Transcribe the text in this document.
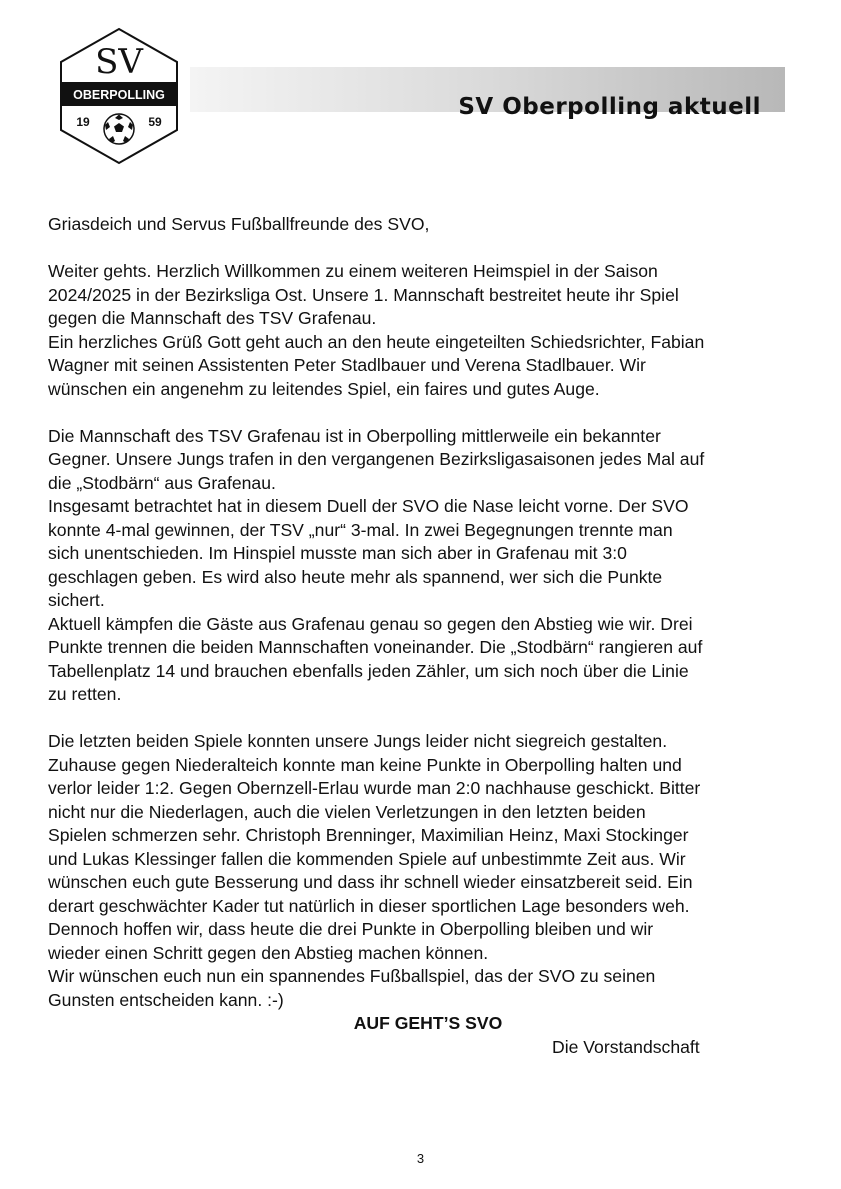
SV
OBERPOLLING
19	59
SV Oberpolling aktuell

Griasdeich und Servus Fußballfreunde des SVO,

Weiter gehts. Herzlich Willkommen zu einem weiteren Heimspiel in der Saison

2024/2025 in der Bezirksliga Ost. Unsere 1. Mannschaft bestreitet heute ihr Spiel

gegen die Mannschaft des TSV Grafenau.

Ein herzliches Grüß Gott geht auch an den heute eingeteilten Schiedsrichter, Fabian

Wagner mit seinen Assistenten Peter Stadlbauer und Verena Stadlbauer. Wir

wünschen ein angenehm zu leitendes Spiel, ein faires und gutes Auge.

Die Mannschaft des TSV Grafenau ist in Oberpolling mittlerweile ein bekannter

Gegner. Unsere Jungs trafen in den vergangenen Bezirksligasaisonen jedes Mal auf

die „Stodbärn“ aus Grafenau.

Insgesamt betrachtet hat in diesem Duell der SVO die Nase leicht vorne. Der SVO

konnte 4-mal gewinnen, der TSV „nur“ 3-mal. In zwei Begegnungen trennte man

sich unentschieden. Im Hinspiel musste man sich aber in Grafenau mit 3:0

geschlagen geben. Es wird also heute mehr als spannend, wer sich die Punkte

sichert.

Aktuell kämpfen die Gäste aus Grafenau genau so gegen den Abstieg wie wir. Drei

Punkte trennen die beiden Mannschaften voneinander. Die „Stodbärn“ rangieren auf

Tabellenplatz 14 und brauchen ebenfalls jeden Zähler, um sich noch über die Linie

zu retten.

Die letzten beiden Spiele konnten unsere Jungs leider nicht siegreich gestalten.

Zuhause gegen Niederalteich konnte man keine Punkte in Oberpolling halten und

verlor leider 1:2. Gegen Obernzell-Erlau wurde man 2:0 nachhause geschickt. Bitter

nicht nur die Niederlagen, auch die vielen Verletzungen in den letzten beiden

Spielen schmerzen sehr. Christoph Brenninger, Maximilian Heinz, Maxi Stockinger

und Lukas Klessinger fallen die kommenden Spiele auf unbestimmte Zeit aus. Wir

wünschen euch gute Besserung und dass ihr schnell wieder einsatzbereit seid. Ein

derart geschwächter Kader tut natürlich in dieser sportlichen Lage besonders weh.

Dennoch hoffen wir, dass heute die drei Punkte in Oberpolling bleiben und wir

wieder einen Schritt gegen den Abstieg machen können.

Wir wünschen euch nun ein spannendes Fußballspiel, das der SVO zu seinen

Gunsten entscheiden kann. :-)

AUF GEHT’S SVO

Die Vorstandschaft

3
